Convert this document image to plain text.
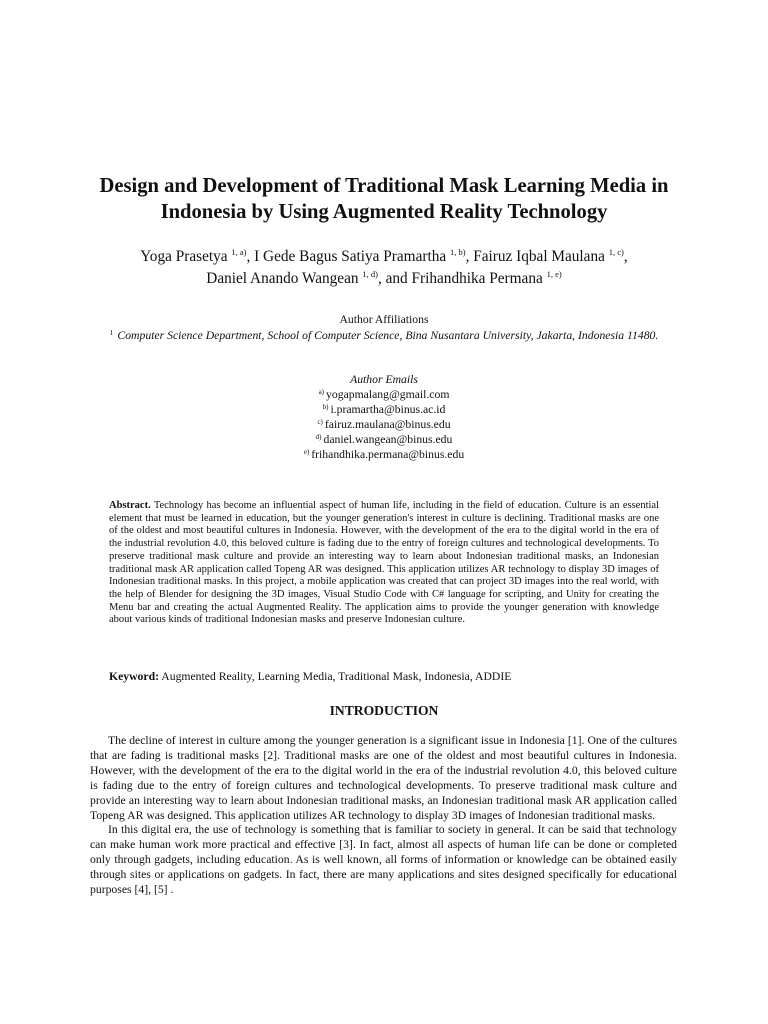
Design and Development of Traditional Mask Learning Media in Indonesia by Using Augmented Reality Technology
Yoga Prasetya $^{1, a)}$, I Gede Bagus Satiya Pramartha $^{1, b)}$, Fairuz Iqbal Maulana $^{1, c)}$,
Daniel Anando Wangean $^{1, d)}$, and Frihandhika Permana $^{1, e)}$
Author Affiliations
$^1$ Computer Science Department, School of Computer Science, Bina Nusantara University, Jakarta, Indonesia 11480.
Author Emails
$^{a)}$ yogapmalang@gmail.com
$^{b)}$ i.pramartha@binus.ac.id
$^{c)}$ fairuz.maulana@binus.edu
$^{d)}$ daniel.wangean@binus.edu
$^{e)}$ frihandhika.permana@binus.edu
Abstract. Technology has become an influential aspect of human life, including in the field of education. Culture is an essential element that must be learned in education, but the younger generation's interest in culture is declining. Traditional masks are one of the oldest and most beautiful cultures in Indonesia. However, with the development of the era to the digital world in the era of the industrial revolution 4.0, this beloved culture is fading due to the entry of foreign cultures and technological developments. To preserve traditional mask culture and provide an interesting way to learn about Indonesian traditional masks, an Indonesian traditional mask AR application called Topeng AR was designed. This application utilizes AR technology to display 3D images of Indonesian traditional masks. In this project, a mobile application was created that can project 3D images into the real world, with the help of Blender for designing the 3D images, Visual Studio Code with C# language for scripting, and Unity for creating the Menu bar and creating the actual Augmented Reality. The application aims to provide the younger generation with knowledge about various kinds of traditional Indonesian masks and preserve Indonesian culture.
Keyword: Augmented Reality, Learning Media, Traditional Mask, Indonesia, ADDIE
INTRODUCTION

The decline of interest in culture among the younger generation is a significant issue in Indonesia [1]. One of the cultures that are fading is traditional masks [2]. Traditional masks are one of the oldest and most beautiful cultures in Indonesia. However, with the development of the era to the digital world in the era of the industrial revolution 4.0, this beloved culture is fading due to the entry of foreign cultures and technological developments. To preserve traditional mask culture and provide an interesting way to learn about Indonesian traditional masks, an Indonesian traditional mask AR application called Topeng AR was designed. This application utilizes AR technology to display 3D images of Indonesian traditional masks.

In this digital era, the use of technology is something that is familiar to society in general. It can be said that technology can make human work more practical and effective [3]. In fact, almost all aspects of human life can be done or completed only through gadgets, including education. As is well known, all forms of information or knowledge can be obtained easily through sites or applications on gadgets. In fact, there are many applications and sites designed specifically for educational purposes [4], [5] .
